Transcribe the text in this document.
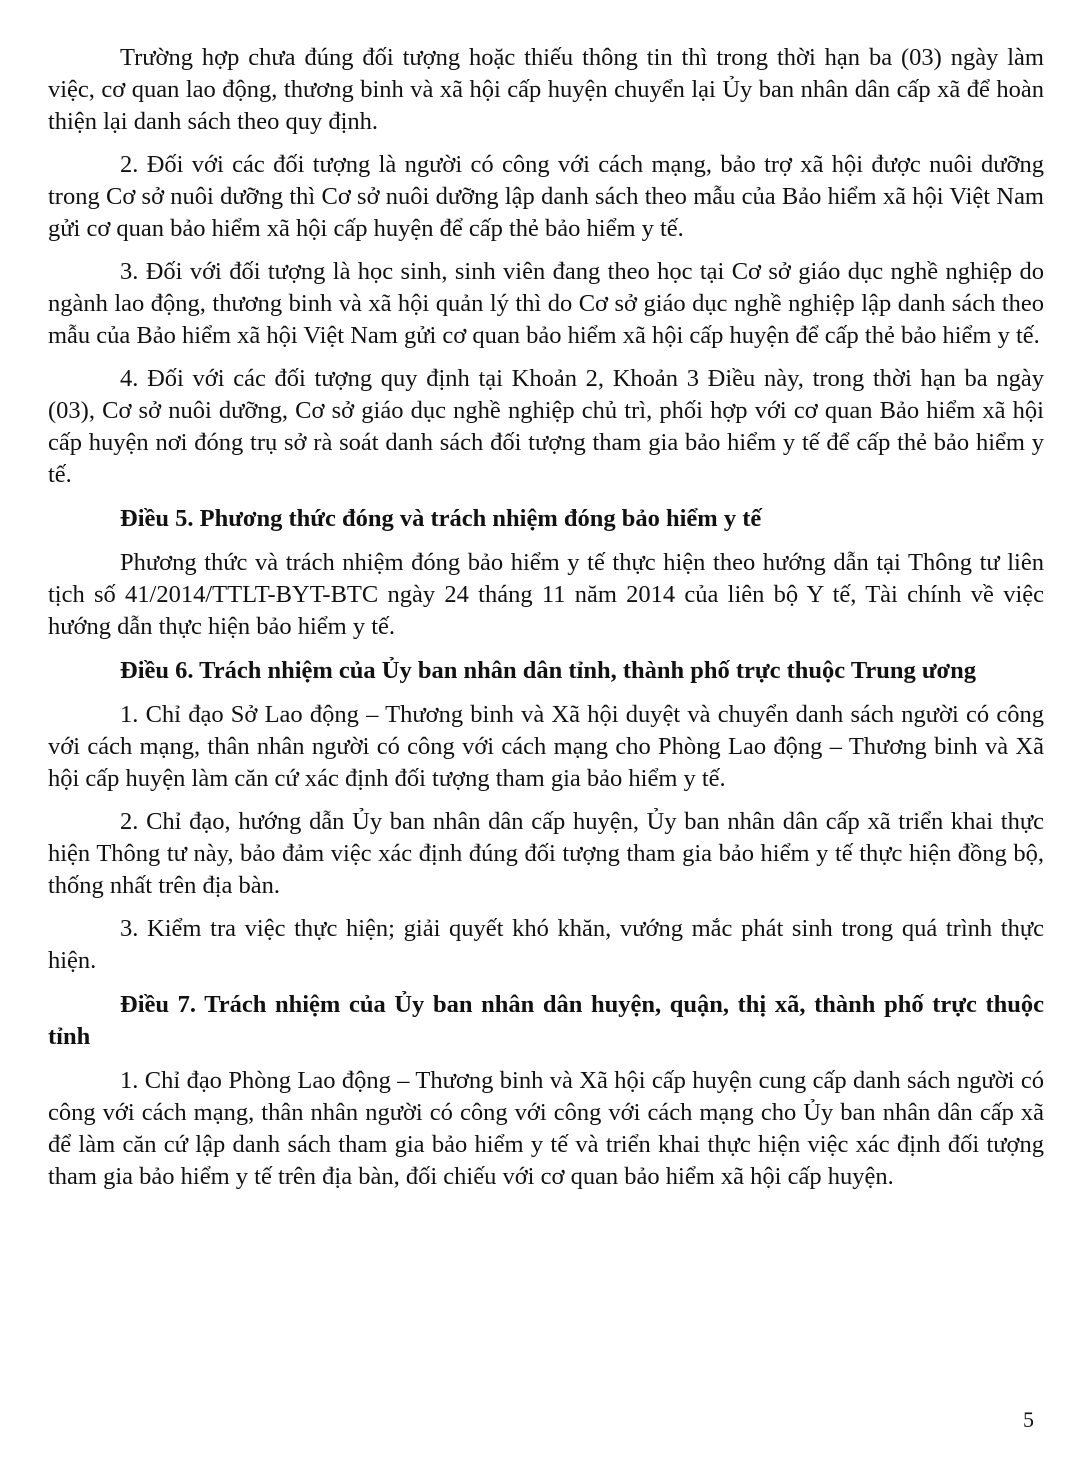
Trường hợp chưa đúng đối tượng hoặc thiếu thông tin thì trong thời hạn ba (03) ngày làm việc, cơ quan lao động, thương binh và xã hội cấp huyện chuyển lại Ủy ban nhân dân cấp xã để hoàn thiện lại danh sách theo quy định.

2. Đối với các đối tượng là người có công với cách mạng, bảo trợ xã hội được nuôi dưỡng trong Cơ sở nuôi dưỡng thì Cơ sở nuôi dưỡng lập danh sách theo mẫu của Bảo hiểm xã hội Việt Nam gửi cơ quan bảo hiểm xã hội cấp huyện để cấp thẻ bảo hiểm y tế.

3. Đối với đối tượng là học sinh, sinh viên đang theo học tại Cơ sở giáo dục nghề nghiệp do ngành lao động, thương binh và xã hội quản lý thì do Cơ sở giáo dục nghề nghiệp lập danh sách theo mẫu của Bảo hiểm xã hội Việt Nam gửi cơ quan bảo hiểm xã hội cấp huyện để cấp thẻ bảo hiểm y tế.

4. Đối với các đối tượng quy định tại Khoản 2, Khoản 3 Điều này, trong thời hạn ba ngày (03), Cơ sở nuôi dưỡng, Cơ sở giáo dục nghề nghiệp chủ trì, phối hợp với cơ quan Bảo hiểm xã hội cấp huyện nơi đóng trụ sở rà soát danh sách đối tượng tham gia bảo hiểm y tế để cấp thẻ bảo hiểm y tế.

Điều 5. Phương thức đóng và trách nhiệm đóng bảo hiểm y tế

Phương thức và trách nhiệm đóng bảo hiểm y tế thực hiện theo hướng dẫn tại Thông tư liên tịch số 41/2014/TTLT-BYT-BTC ngày 24 tháng 11 năm 2014 của liên bộ Y tế, Tài chính về việc hướng dẫn thực hiện bảo hiểm y tế.

Điều 6. Trách nhiệm của Ủy ban nhân dân tỉnh, thành phố trực thuộc Trung ương

1. Chỉ đạo Sở Lao động – Thương binh và Xã hội duyệt và chuyển danh sách người có công với cách mạng, thân nhân người có công với cách mạng cho Phòng Lao động – Thương binh và Xã hội cấp huyện làm căn cứ xác định đối tượng tham gia bảo hiểm y tế.

2. Chỉ đạo, hướng dẫn Ủy ban nhân dân cấp huyện, Ủy ban nhân dân cấp xã triển khai thực hiện Thông tư này, bảo đảm việc xác định đúng đối tượng tham gia bảo hiểm y tế thực hiện đồng bộ, thống nhất trên địa bàn.

3. Kiểm tra việc thực hiện; giải quyết khó khăn, vướng mắc phát sinh trong quá trình thực hiện.

Điều 7. Trách nhiệm của Ủy ban nhân dân huyện, quận, thị xã, thành phố trực thuộc tỉnh

1. Chỉ đạo Phòng Lao động – Thương binh và Xã hội cấp huyện cung cấp danh sách người có công với cách mạng, thân nhân người có công với công với cách mạng cho Ủy ban nhân dân cấp xã để làm căn cứ lập danh sách tham gia bảo hiểm y tế và triển khai thực hiện việc xác định đối tượng tham gia bảo hiểm y tế trên địa bàn, đối chiếu với cơ quan bảo hiểm xã hội cấp huyện.

5
